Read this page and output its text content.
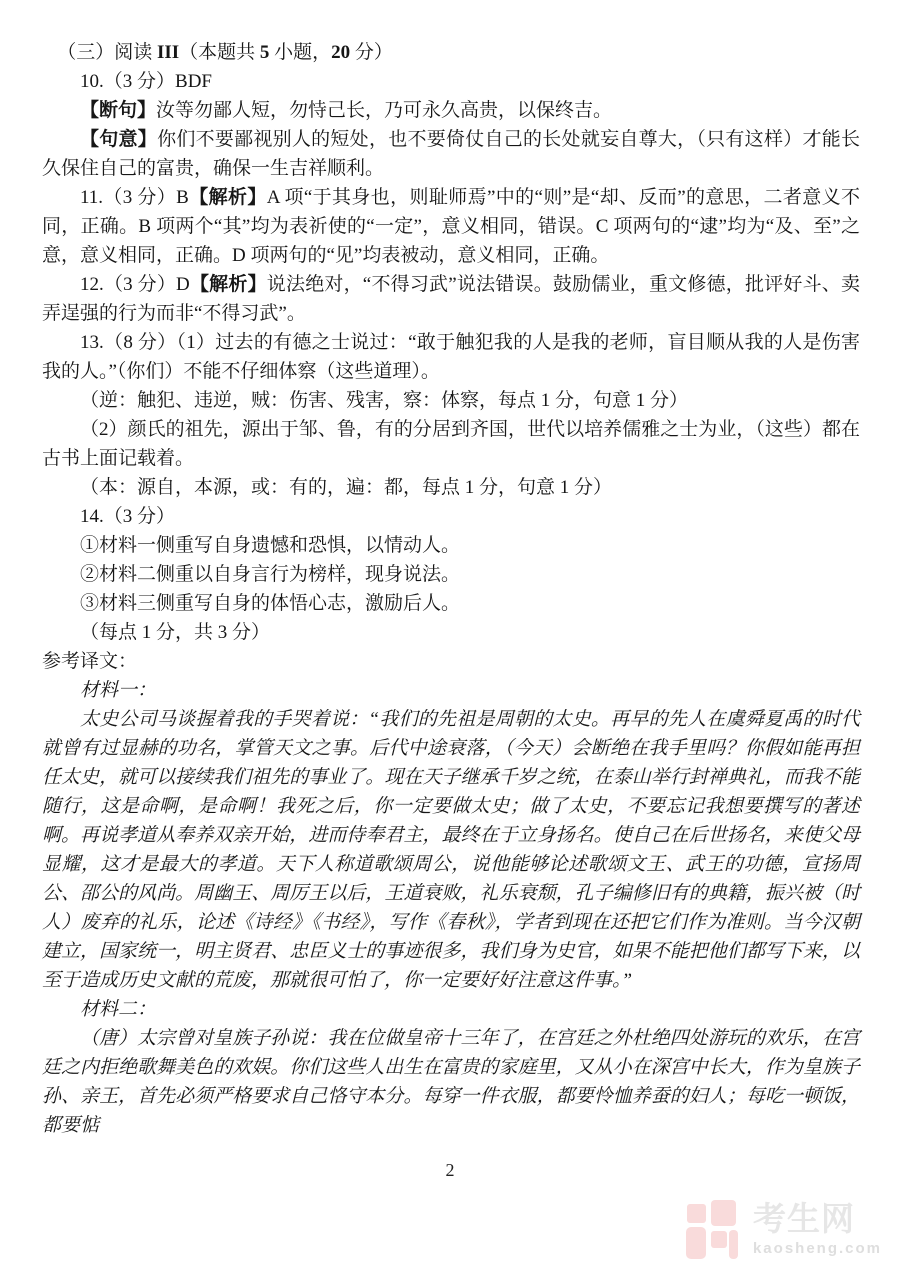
（三）阅读 III（本题共 5 小题，20 分）

10.（3 分）BDF

【断句】汝等勿鄙人短，勿恃己长，乃可永久高贵，以保终吉。

【句意】你们不要鄙视别人的短处，也不要倚仗自己的长处就妄自尊大，（只有这样）才能长久保住自己的富贵，确保一生吉祥顺利。

11.（3 分）B【解析】A 项“于其身也，则耻师焉”中的“则”是“却、反而”的意思，二者意义不同，正确。B 项两个“其”均为表祈使的“一定”，意义相同，错误。C 项两句的“逮”均为“及、至”之意，意义相同，正确。D 项两句的“见”均表被动，意义相同，正确。

12.（3 分）D【解析】说法绝对，“不得习武”说法错误。鼓励儒业，重文修德，批评好斗、卖弄逞强的行为而非“不得习武”。

13.（8 分）（1）过去的有德之士说过：“敢于触犯我的人是我的老师，盲目顺从我的人是伤害我的人。”（你们）不能不仔细体察（这些道理）。

（逆：触犯、违逆，贼：伤害、残害，察：体察，每点 1 分，句意 1 分）

（2）颜氏的祖先，源出于邹、鲁，有的分居到齐国，世代以培养儒雅之士为业，（这些）都在古书上面记载着。

（本：源自，本源，或：有的，遍：都，每点 1 分，句意 1 分）

14.（3 分）

①材料一侧重写自身遗憾和恐惧，以情动人。

②材料二侧重以自身言行为榜样，现身说法。

③材料三侧重写自身的体悟心志，激励后人。

（每点 1 分，共 3 分）

参考译文：

材料一：

太史公司马谈握着我的手哭着说：“我们的先祖是周朝的太史。再早的先人在虞舜夏禹的时代就曾有过显赫的功名，掌管天文之事。后代中途衰落，（今天）会断绝在我手里吗？你假如能再担任太史，就可以接续我们祖先的事业了。现在天子继承千岁之统，在泰山举行封禅典礼，而我不能随行，这是命啊，是命啊！我死之后，你一定要做太史；做了太史，不要忘记我想要撰写的著述啊。再说孝道从奉养双亲开始，进而侍奉君主，最终在于立身扬名。使自己在后世扬名，来使父母显耀，这才是最大的孝道。天下人称道歌颂周公，说他能够论述歌颂文王、武王的功德，宣扬周公、邵公的风尚。周幽王、周厉王以后，王道衰败，礼乐衰颓，孔子编修旧有的典籍，振兴被（时人）废弃的礼乐，论述《诗经》《书经》，写作《春秋》，学者到现在还把它们作为准则。当今汉朝建立，国家统一，明主贤君、忠臣义士的事迹很多，我们身为史官，如果不能把他们都写下来，以至于造成历史文献的荒废，那就很可怕了，你一定要好好注意这件事。”

材料二：

（唐）太宗曾对皇族子孙说：我在位做皇帝十三年了，在宫廷之外杜绝四处游玩的欢乐，在宫廷之内拒绝歌舞美色的欢娱。你们这些人出生在富贵的家庭里，又从小在深宫中长大，作为皇族子孙、亲王，首先必须严格要求自己恪守本分。每穿一件衣服，都要怜恤养蚕的妇人；每吃一顿饭，都要惦

2
考生网
kaosheng.com
